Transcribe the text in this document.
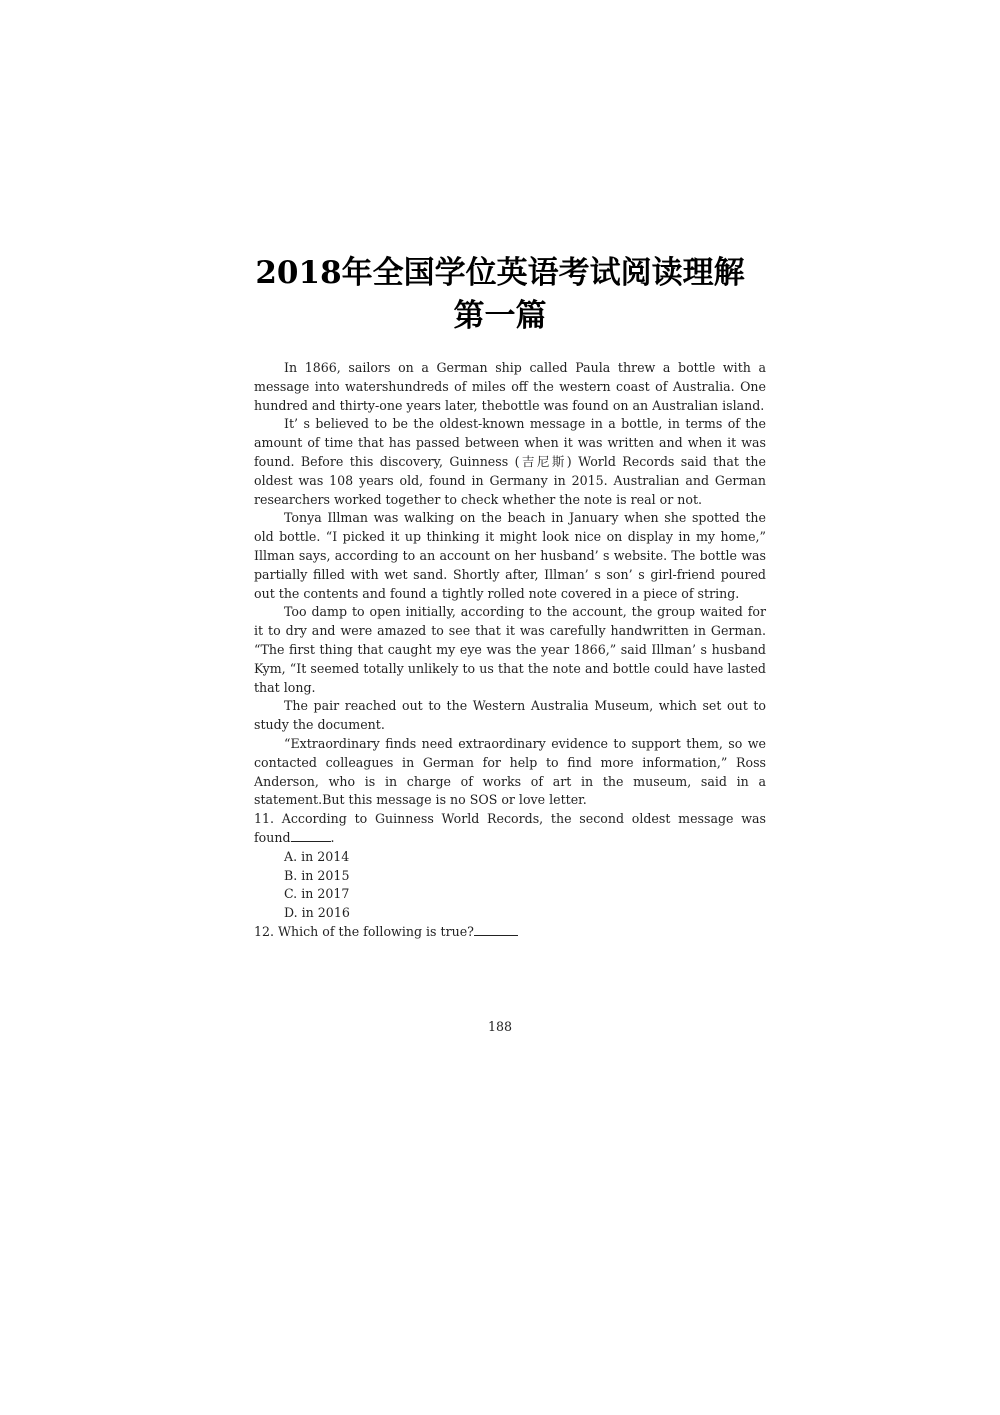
2018年全国学位英语考试阅读理解
第一篇

In 1866, sailors on a German ship called Paula threw a bottle with a message into watershundreds of miles off the western coast of Australia. One hundred and thirty-one years later, thebottle was found on an Australian island.

It’ s believed to be the oldest-known message in a bottle, in terms of the amount of time that has passed between when it was written and when it was found. Before this discovery, Guinness (吉尼斯) World Records said that the oldest was 108 years old, found in Germany in 2015. Australian and German researchers worked together to check whether the note is real or not.

Tonya Illman was walking on the beach in January when she spotted the old bottle. “I picked it up thinking it might look nice on display in my home,” Illman says, according to an account on her husband’ s website. The bottle was partially filled with wet sand. Shortly after, Illman’ s son’ s girl-friend poured out the contents and found a tightly rolled note covered in a piece of string.

Too damp to open initially, according to the account, the group waited for it to dry and were amazed to see that it was carefully handwritten in German. “The first thing that caught my eye was the year 1866,” said Illman’ s husband Kym, “It seemed totally unlikely to us that the note and bottle could have lasted that long.

The pair reached out to the Western Australia Museum, which set out to study the document.

“Extraordinary finds need extraordinary evidence to support them, so we contacted colleagues in German for help to find more information,” Ross Anderson, who is in charge of works of art in the museum, said in a statement.But this message is no SOS or love letter.

11. According to Guinness World Records, the second oldest message was found	.

A. in 2014

B. in 2015

C. in 2017

D. in 2016

12. Which of the following is true?

188
